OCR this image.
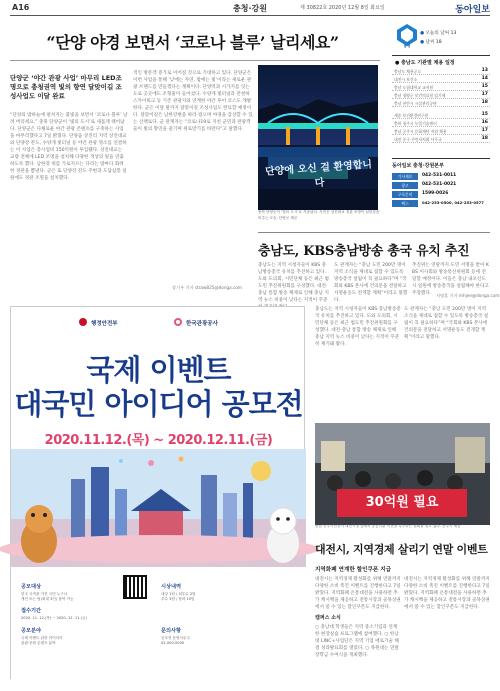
A16	충청·강원	제 30822호 2020년 12월 8일 화요일	동아일보
“단양 야경 보면서 ‘코로나 블루’ 날리세요”
단양군 ‘야간 관광 사업’ 마무리 LED조명으로 충청권역 빛의 향연 달맞이길 조성사업도 이달 완료
“단양의 밤하늘에 펼쳐지는 불빛을 보면서 ‘코로나 블루’ 날려 버리세요.” 충북 단양군이 ‘빛의 도시’로 새롭게 태어났다. 단양군은 다채로운 야간 관광 콘텐츠를 구축하는 사업을 마무리했다고 7일 밝혔다. 단양읍 상진리 지역 상진대교와 단양강 잔도, 수양개 빛터널 등 야간 관광 명소를 연결하는 이 사업은 총사업비 150억원이 투입됐다. 상진대교는 교량 전체에 LED 조명을 설치해 다양한 색상의 빛을 연출하도록 했다. 남한강 위를 가로지르는 다리는 밤마다 화려한 경관을 뽐낸다. 군은 또 단양강 잔도 주변과 도담삼봉 일원에도 경관 조명을 설치했다.
적인 방문객 증가로 이어질 것으로 기대하고 있다. 단양군은 이번 사업을 통해 ‘낮에는 자연, 밤에는 빛’이라는 새로운 관광 브랜드를 만들겠다는 계획이다. 단양역과 시가지를 잇는 도로 곳곳에도 조형물이 들어섰다. 수양개 빛터널과 만천하스카이워크 등 기존 관광지와 연계한 야간 투어 코스도 개발한다. 군은 이달 말까지 달맞이길 조성사업도 완료할 예정이다. 달맞이길은 남한강변을 따라 걸으며 야경을 감상할 수 있는 산책로다. 군 관계자는 “코로나19로 지친 군민과 관광객들이 빛의 향연을 즐기며 위로받기를 바란다”고 말했다.
장기우 기자 straw825@donga.com
단양에 오신 걸 환영합니다
충북 단양군이 ‘빛의 도시’로 거듭났다. 사진은 상진대교 경관 조명이 남한강을 비추는 모습. 단양군 제공
충청
● 오늘의 날씨 13
● 날씨 18
● 충남도 기관별 채용 일정
충남도 채용공고	13
대전시 보건소	14
충남 도립대학교 교직원	15
충남 청양군 보건의료원 임기제	17
충남 천안시 시설관리공단	18
세종 보건환경연구원	15
충북 청주시 농업기술센터	16
충남 공주시 문화재단 직원 채용	17
대전 중구 주민자치회 사무국	18
동아일보 충청·강원본부
기사제보	042-531-0011
광고	042-531-0021
구독문의	1599-0026
팩스	042-253-0500, 042-253-0577
충남도, KBS충남방송 총국 유치 추진
충남도는 지역 시청자들이 KBS 충남방송총국 유치를 추진하고 있다. 도와 도의회, 시민단체 등은 최근 범도민 추진위원회를 구성했다. 대전·충남 통합 방송 체제로 인해 충남 지역 뉴스 비중이 낮다는 지적이 꾸준
도 관계자는 “충남 도민 200만 명이 지역 소식을 제대로 접할 수 있도록 방송총국 설립이 꼭 필요하다”며 “국회와 KBS 본사에 건의문을 전달하고 서명운동도 전개할 계획”이라고 말했다.
추진위는 연말까지 도민 서명을 받아 KBS 이사회와 방송통신위원회 등에 전달할 예정이다. 이들은 충남 내포신도시 일원에 방송총국을 설립해야 한다고 주장했다.	지명훈 기자 mhjee@donga.com
행정안전부	한국관광공사
국제 이벤트
대국민 아이디어 공모전
2020.11.12.(목) ~ 2020.12.11.(금)
공모대상
한국 국적을 가진 국민 누구나
개인 또는 팀(최대 3인) 참여 가능
접수기간
2020. 11. 12.(목) ~ 2020. 12. 11.(금)
공모분야
국제 이벤트 관련 아이디어
관광·문화 콘텐츠 분야
시상내역
대상 1팀 / 최우수 2팀
우수 3팀 / 장려 10팀
문의사항
공모전 운영사무국
02-000-0000
충남도는 지역 시청자들이 KBS 충남방송총국 유치를 추진하고 있다. 도와 도의회, 시민단체 등은 최근 범도민 추진위원회를 구성했다. 대전·충남 통합 방송 체제로 인해 충남 지역 뉴스 비중이 낮다는 지적이 꾸준히 제기돼 왔다.
도 관계자는 “충남 도민 200만 명이 지역 소식을 제대로 접할 수 있도록 방송총국 설립이 꼭 필요하다”며 “국회와 KBS 본사에 건의문을 전달하고 서명운동도 전개할 계획”이라고 말했다.
30억원 필요
충남 공주시민들이 대전시청 앞에서 공공기관 이전을 촉구하는 집회를 열고 있다. 공주시 제공
대전시, 지역경제 살리기 연말 이벤트
지역화폐 연계한 할인쿠폰 지급
대전시는 지역경제 활성화를 위해 연말까지 다양한 소비 촉진 이벤트를 진행한다고 7일 밝혔다. 지역화폐 온통대전을 사용하면 추가 캐시백을 제공하고 전통시장과 골목상권에서 쓸 수 있는 할인쿠폰도 지급한다.
대전시는 지역경제 활성화를 위해 연말까지 다양한 소비 촉진 이벤트를 진행한다고 7일 밝혔다. 지역화폐 온통대전을 사용하면 추가 캐시백을 제공하고 전통시장과 골목상권에서 쓸 수 있는 할인쿠폰도 지급한다.
캠퍼스 소식
○ 충남대 학생들은 지역 중소기업과 연계한 현장실습 프로그램에 참여했다. ○ 한남대 LINC+사업단은 지역 기업 애로기술 해결 성과발표회를 열었다. ○ 목원대는 연말 장학금 수여식을 개최했다.
